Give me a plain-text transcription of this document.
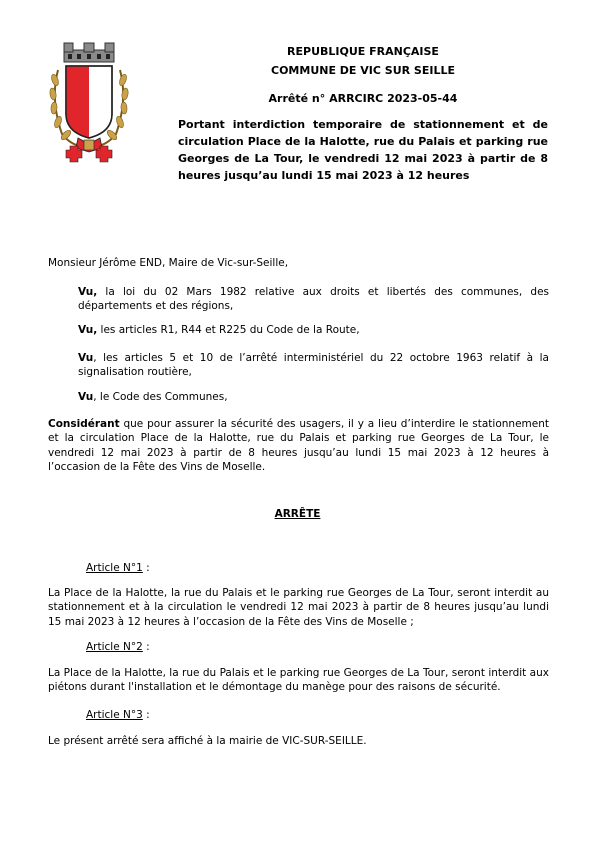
REPUBLIQUE FRANÇAISE
COMMUNE DE VIC SUR SEILLE
Arrêté n° ARRCIRC 2023-05-44
Portant interdiction temporaire de stationnement et de circulation Place de la Halotte, rue du Palais et parking rue Georges de La Tour, le vendredi 12 mai 2023 à partir de 8 heures jusqu’au lundi 15 mai 2023 à 12 heures
Monsieur Jérôme END, Maire de Vic-sur-Seille,
Vu, la loi du 02 Mars 1982 relative aux droits et libertés des communes, des départements et des régions,
Vu, les articles R1, R44 et R225 du Code de la Route,
Vu, les articles 5 et 10 de l’arrêté interministériel du 22 octobre 1963 relatif à la signalisation routière,
Vu, le Code des Communes,
Considérant que pour assurer la sécurité des usagers, il y a lieu d’interdire le stationnement et la circulation Place de la Halotte, rue du Palais et parking rue Georges de La Tour, le vendredi 12 mai 2023 à partir de 8 heures jusqu’au lundi 15 mai 2023 à 12 heures à l’occasion de la Fête des Vins de Moselle.
ARRÊTE
Article N°1 :
La Place de la Halotte, la rue du Palais et le parking rue Georges de La Tour, seront interdit au stationnement et à la circulation le vendredi 12 mai 2023 à partir de 8 heures jusqu’au lundi 15 mai 2023 à 12 heures à l’occasion de la Fête des Vins de Moselle ;
Article N°2 :
La Place de la Halotte, la rue du Palais et le parking rue Georges de La Tour, seront interdit aux piétons durant l'installation et le démontage du manège pour des raisons de sécurité.
Article N°3 :
Le présent arrêté sera affiché à la mairie de VIC-SUR-SEILLE.
